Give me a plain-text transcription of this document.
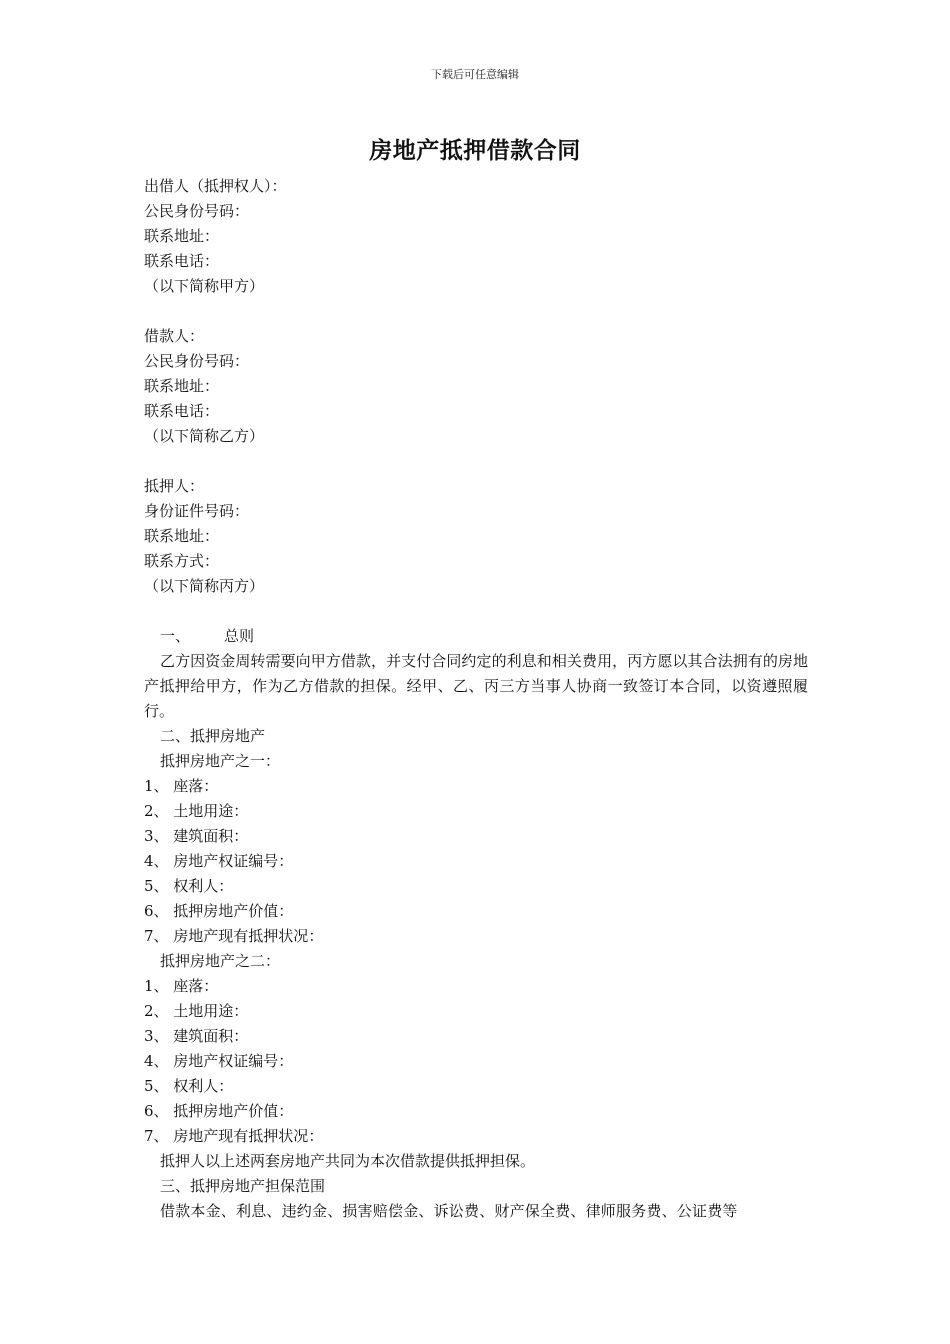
下载后可任意编辑
房地产抵押借款合同
出借人（抵押权人）：
公民身份号码：
联系地址：
联系电话：
（以下简称甲方）
借款人：
公民身份号码：
联系地址：
联系电话：
（以下简称乙方）
抵押人：
身份证件号码：
联系地址：
联系方式：
（以下简称丙方）
一、 总则
乙方因资金周转需要向甲方借款，并支付合同约定的利息和相关费用，丙方愿以其合法拥有的房地产抵押给甲方，作为乙方借款的担保。经甲、乙、丙三方当事人协商一致签订本合同，以资遵照履行。
二、抵押房地产
抵押房地产之一：
1、 座落：
2、 土地用途：
3、 建筑面积：
4、 房地产权证编号：
5、 权利人：
6、 抵押房地产价值：
7、 房地产现有抵押状况：
抵押房地产之二：
1、 座落：
2、 土地用途：
3、 建筑面积：
4、 房地产权证编号：
5、 权利人：
6、 抵押房地产价值：
7、 房地产现有抵押状况：
抵押人以上述两套房地产共同为本次借款提供抵押担保。
三、抵押房地产担保范围
借款本金、利息、违约金、损害赔偿金、诉讼费、财产保全费、律师服务费、公证费等
